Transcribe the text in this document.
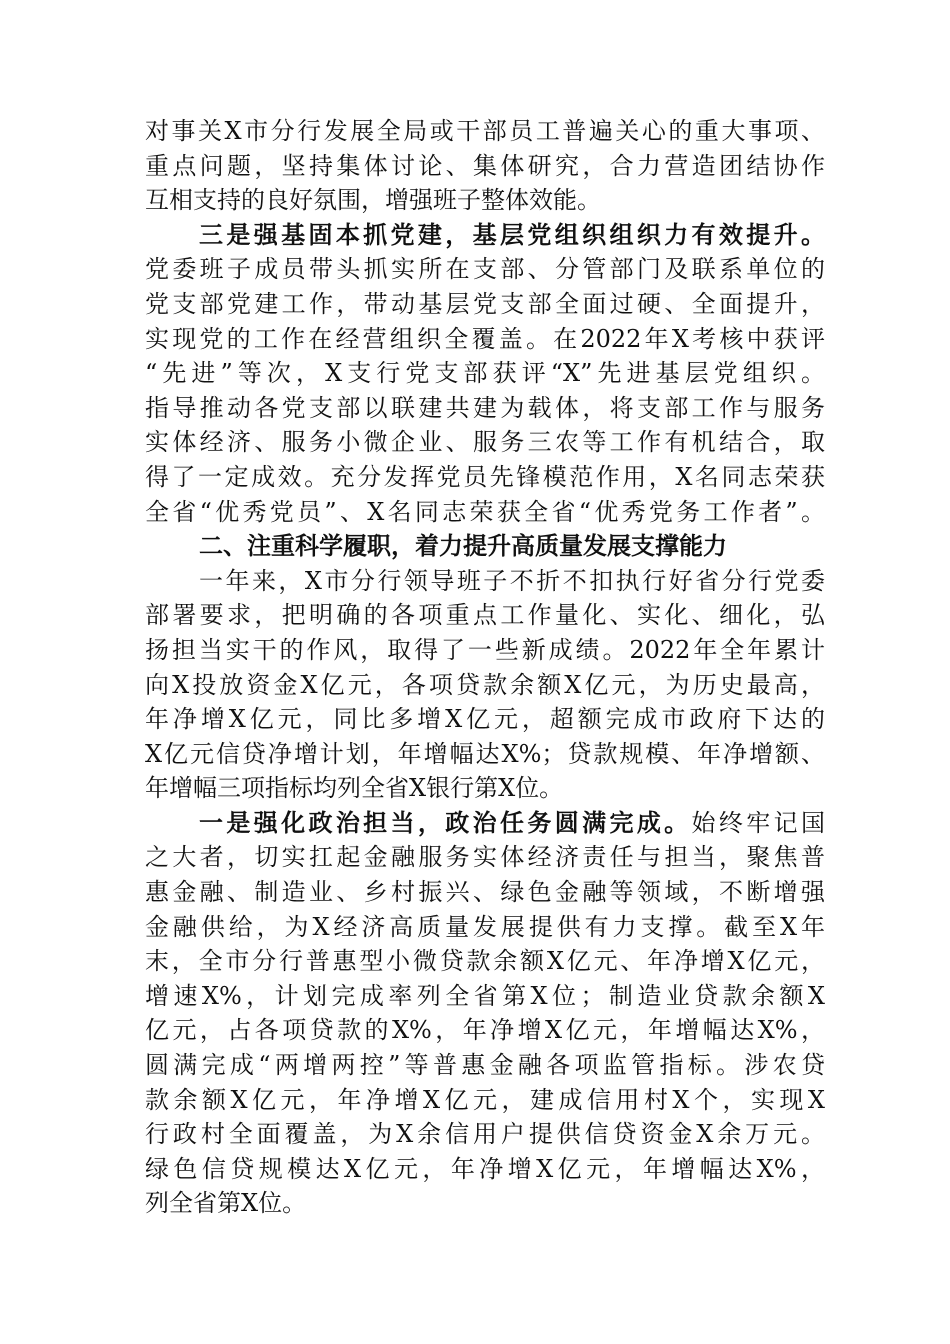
对事关X市分行发展全局或干部员工普遍关心的重大事项、
重点问题，坚持集体讨论、集体研究，合力营造团结协作
互相支持的良好氛围，增强班子整体效能。
三是强基固本抓党建，基层党组织组织力有效提升。
党委班子成员带头抓实所在支部、分管部门及联系单位的
党支部党建工作，带动基层党支部全面过硬、全面提升，
实现党的工作在经营组织全覆盖。在2022年X考核中获评
“先进”等次，X支行党支部获评“X”先进基层党组织。
指导推动各党支部以联建共建为载体，将支部工作与服务
实体经济、服务小微企业、服务三农等工作有机结合，取
得了一定成效。充分发挥党员先锋模范作用，X名同志荣获
全省“优秀党员”、X名同志荣获全省“优秀党务工作者”。
二、注重科学履职，着力提升高质量发展支撑能力
一年来，X市分行领导班子不折不扣执行好省分行党委
部署要求，把明确的各项重点工作量化、实化、细化，弘
扬担当实干的作风，取得了一些新成绩。2022年全年累计
向X投放资金X亿元，各项贷款余额X亿元，为历史最高，
年净增X亿元，同比多增X亿元，超额完成市政府下达的
X亿元信贷净增计划，年增幅达X%；贷款规模、年净增额、
年增幅三项指标均列全省X银行第X位。
一是强化政治担当，政治任务圆满完成。始终牢记国
之大者，切实扛起金融服务实体经济责任与担当，聚焦普
惠金融、制造业、乡村振兴、绿色金融等领域，不断增强
金融供给，为X经济高质量发展提供有力支撑。截至X年
末，全市分行普惠型小微贷款余额X亿元、年净增X亿元，
增速X%，计划完成率列全省第X位；制造业贷款余额X
亿元，占各项贷款的X%，年净增X亿元，年增幅达X%，
圆满完成“两增两控”等普惠金融各项监管指标。涉农贷
款余额X亿元，年净增X亿元，建成信用村X个，实现X
行政村全面覆盖，为X余信用户提供信贷资金X余万元。
绿色信贷规模达X亿元，年净增X亿元，年增幅达X%，
列全省第X位。
